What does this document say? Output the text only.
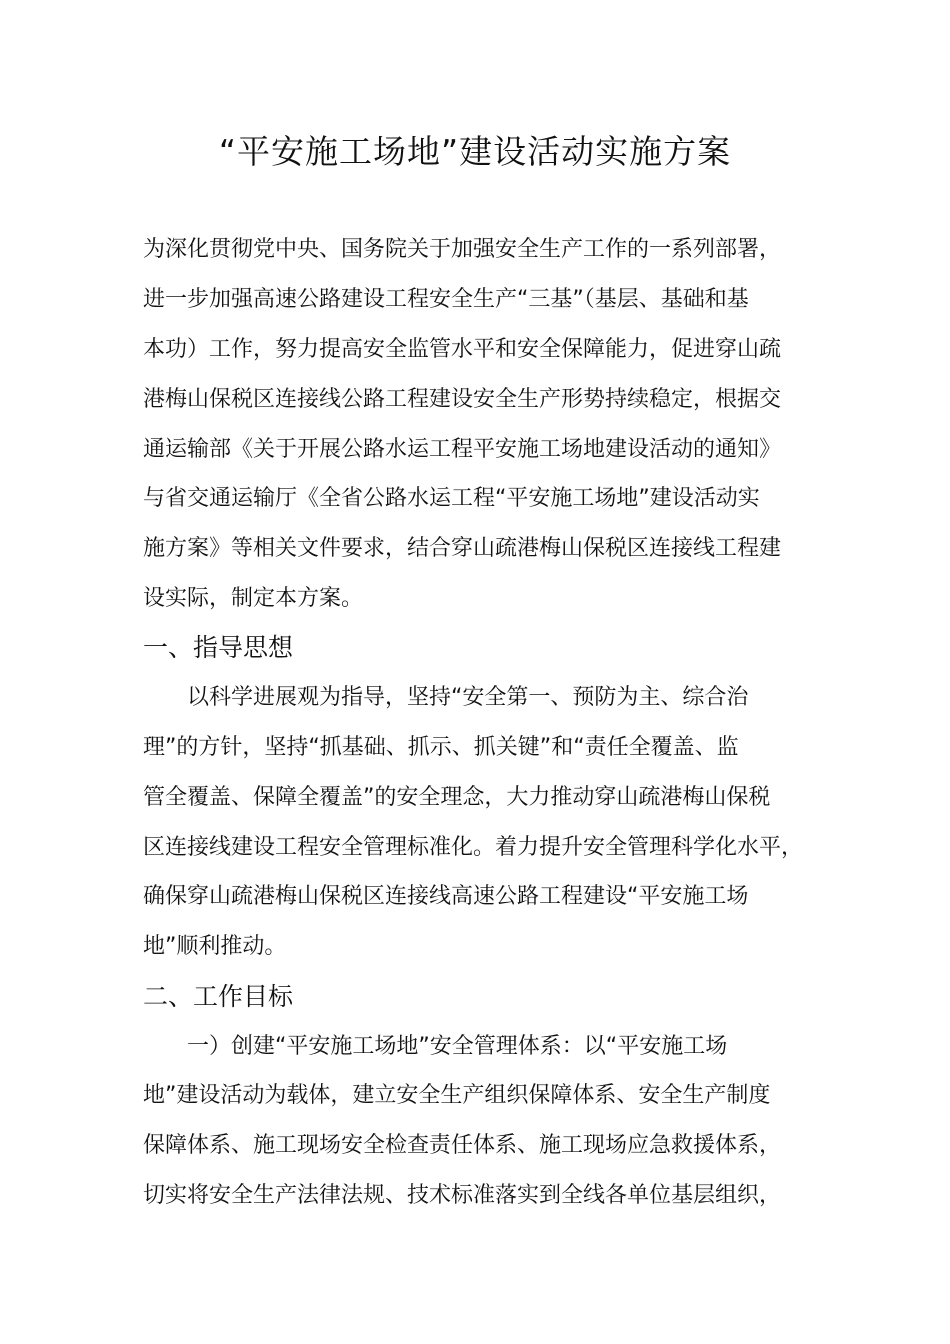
“平安施工场地”建设活动实施方案
为深化贯彻党中央、国务院关于加强安全生产工作的一系列部署，
进一步加强高速公路建设工程安全生产“三基”（基层、基础和基
本功）工作，努力提高安全监管水平和安全保障能力，促进穿山疏
港梅山保税区连接线公路工程建设安全生产形势持续稳定，根据交
通运输部《关于开展公路水运工程平安施工场地建设活动的通知》
与省交通运输厅《全省公路水运工程“平安施工场地”建设活动实
施方案》等相关文件要求，结合穿山疏港梅山保税区连接线工程建
设实际，制定本方案。
一、指导思想
以科学进展观为指导，坚持“安全第一、预防为主、综合治
理”的方针，坚持“抓基础、抓示、抓关键”和“责任全覆盖、监
管全覆盖、保障全覆盖”的安全理念，大力推动穿山疏港梅山保税
区连接线建设工程安全管理标准化。着力提升安全管理科学化水平，
确保穿山疏港梅山保税区连接线高速公路工程建设“平安施工场
地”顺利推动。
二、工作目标
一）创建“平安施工场地”安全管理体系：以“平安施工场
地”建设活动为载体，建立安全生产组织保障体系、安全生产制度
保障体系、施工现场安全检查责任体系、施工现场应急救援体系，
切实将安全生产法律法规、技术标准落实到全线各单位基层组织，
